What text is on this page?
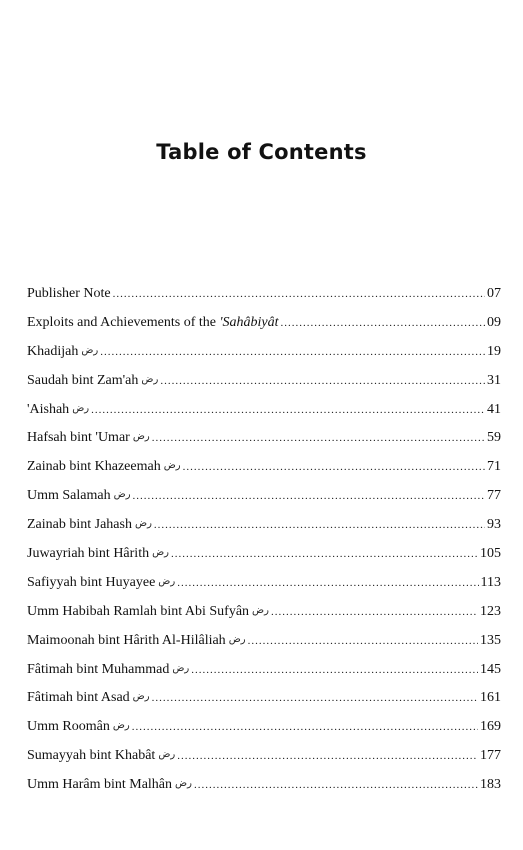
Table of Contents
Publisher Note .....	07
Exploits and Achievements of the 'Sahâbiyât .....	09
Khadijah رض .....	19
Saudah bint Zam'ah رض .....	31
'Aishah رض .....	41
Hafsah bint 'Umar رض .....	59
Zainab bint Khazeemah رض .....	71
Umm Salamah رض .....	77
Zainab bint Jahash رض .....	93
Juwayriah bint Hârith رض .....	105
Safiyyah bint Huyayee رض .....	113
Umm Habibah Ramlah bint Abi Sufyân رض .....	123
Maimoonah bint Hârith Al-Hilâliah رض .....	135
Fâtimah bint Muhammad رض .....	145
Fâtimah bint Asad رض .....	161
Umm Roomân رض .....	169
Sumayyah bint Khabât رض .....	177
Umm Harâm bint Malhân رض .....	183
